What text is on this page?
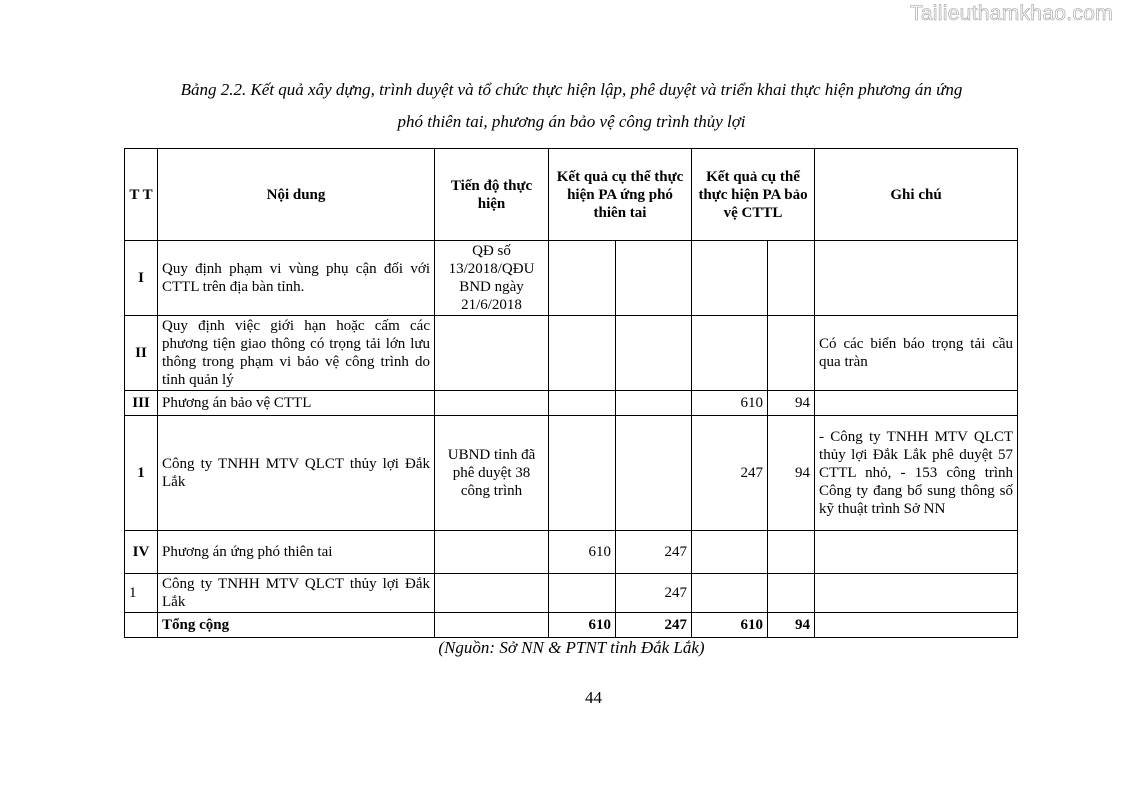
Tailieuthamkhao.com
Bảng 2.2. Kết quả xây dựng, trình duyệt và tổ chức thực hiện lập, phê duyệt và triển khai thực hiện phương án ứng
phó thiên tai, phương án bảo vệ công trình thủy lợi
T T	Nội dung	Tiến độ thực hiện	Kết quả cụ thể thực hiện PA ứng phó thiên tai		Kết quả cụ thể thực hiện PA bảo vệ CTTL		Ghi chú
I	Quy định phạm vi vùng phụ cận đối với CTTL trên địa bàn tỉnh.	QĐ số 13/2018/QĐU BND ngày 21/6/2018					
II	Quy định việc giới hạn hoặc cấm các phương tiện giao thông có trọng tải lớn lưu thông trong phạm vi bảo vệ công trình do tỉnh quản lý						Có các biển báo trọng tải cầu qua tràn
III	Phương án bảo vệ CTTL				610	94	
1	Công ty TNHH MTV QLCT thủy lợi Đắk Lắk	UBND tỉnh đã phê duyệt 38 công trình			247	94	- Công ty TNHH MTV QLCT thủy lợi Đắk Lắk phê duyệt 57 CTTL nhỏ, - 153 công trình Công ty đang bổ sung thông số kỹ thuật trình Sở NN
IV	Phương án ứng phó thiên tai		610	247			
1	Công ty TNHH MTV QLCT thủy lợi Đắk Lắk			247			
	Tổng cộng		610	247	610	94	
(Nguồn: Sở NN & PTNT tỉnh Đắk Lắk)
44
